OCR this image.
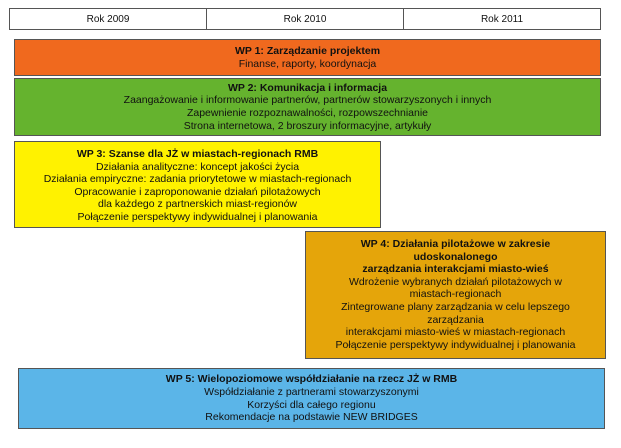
Rok 2009	Rok 2010	Rok 2011
WP 1: Zarządzanie projektem
Finanse, raporty, koordynacja
WP 2: Komunikacja i informacja
Zaangażowanie i informowanie partnerów, partnerów stowarzyszonych i innych
Zapewnienie rozpoznawalności, rozpowszechnianie
Strona internetowa, 2 broszury informacyjne, artykuły
WP 3: Szanse dla JŻ w miastach-regionach RMB
Działania analityczne: koncept jakości życia
Działania empiryczne: zadania priorytetowe w miastach-regionach
Opracowanie i zaproponowanie działań pilotażowych
dla każdego z partnerskich miast-regionów
Połączenie perspektywy indywidualnej i planowania
WP 4: Działania pilotażowe w zakresie
udoskonalonego
zarządzania interakcjami miasto-wieś
Wdrożenie wybranych działań pilotażowych w
miastach-regionach
Zintegrowane plany zarządzania w celu lepszego
zarządzania
interakcjami miasto-wieś w miastach-regionach
Połączenie perspektywy indywidualnej i planowania
WP 5: Wielopoziomowe współdziałanie na rzecz JŻ w RMB
Współdziałanie z partnerami stowarzyszonymi
Korzyści dla całego regionu
Rekomendacje na podstawie NEW BRIDGES
